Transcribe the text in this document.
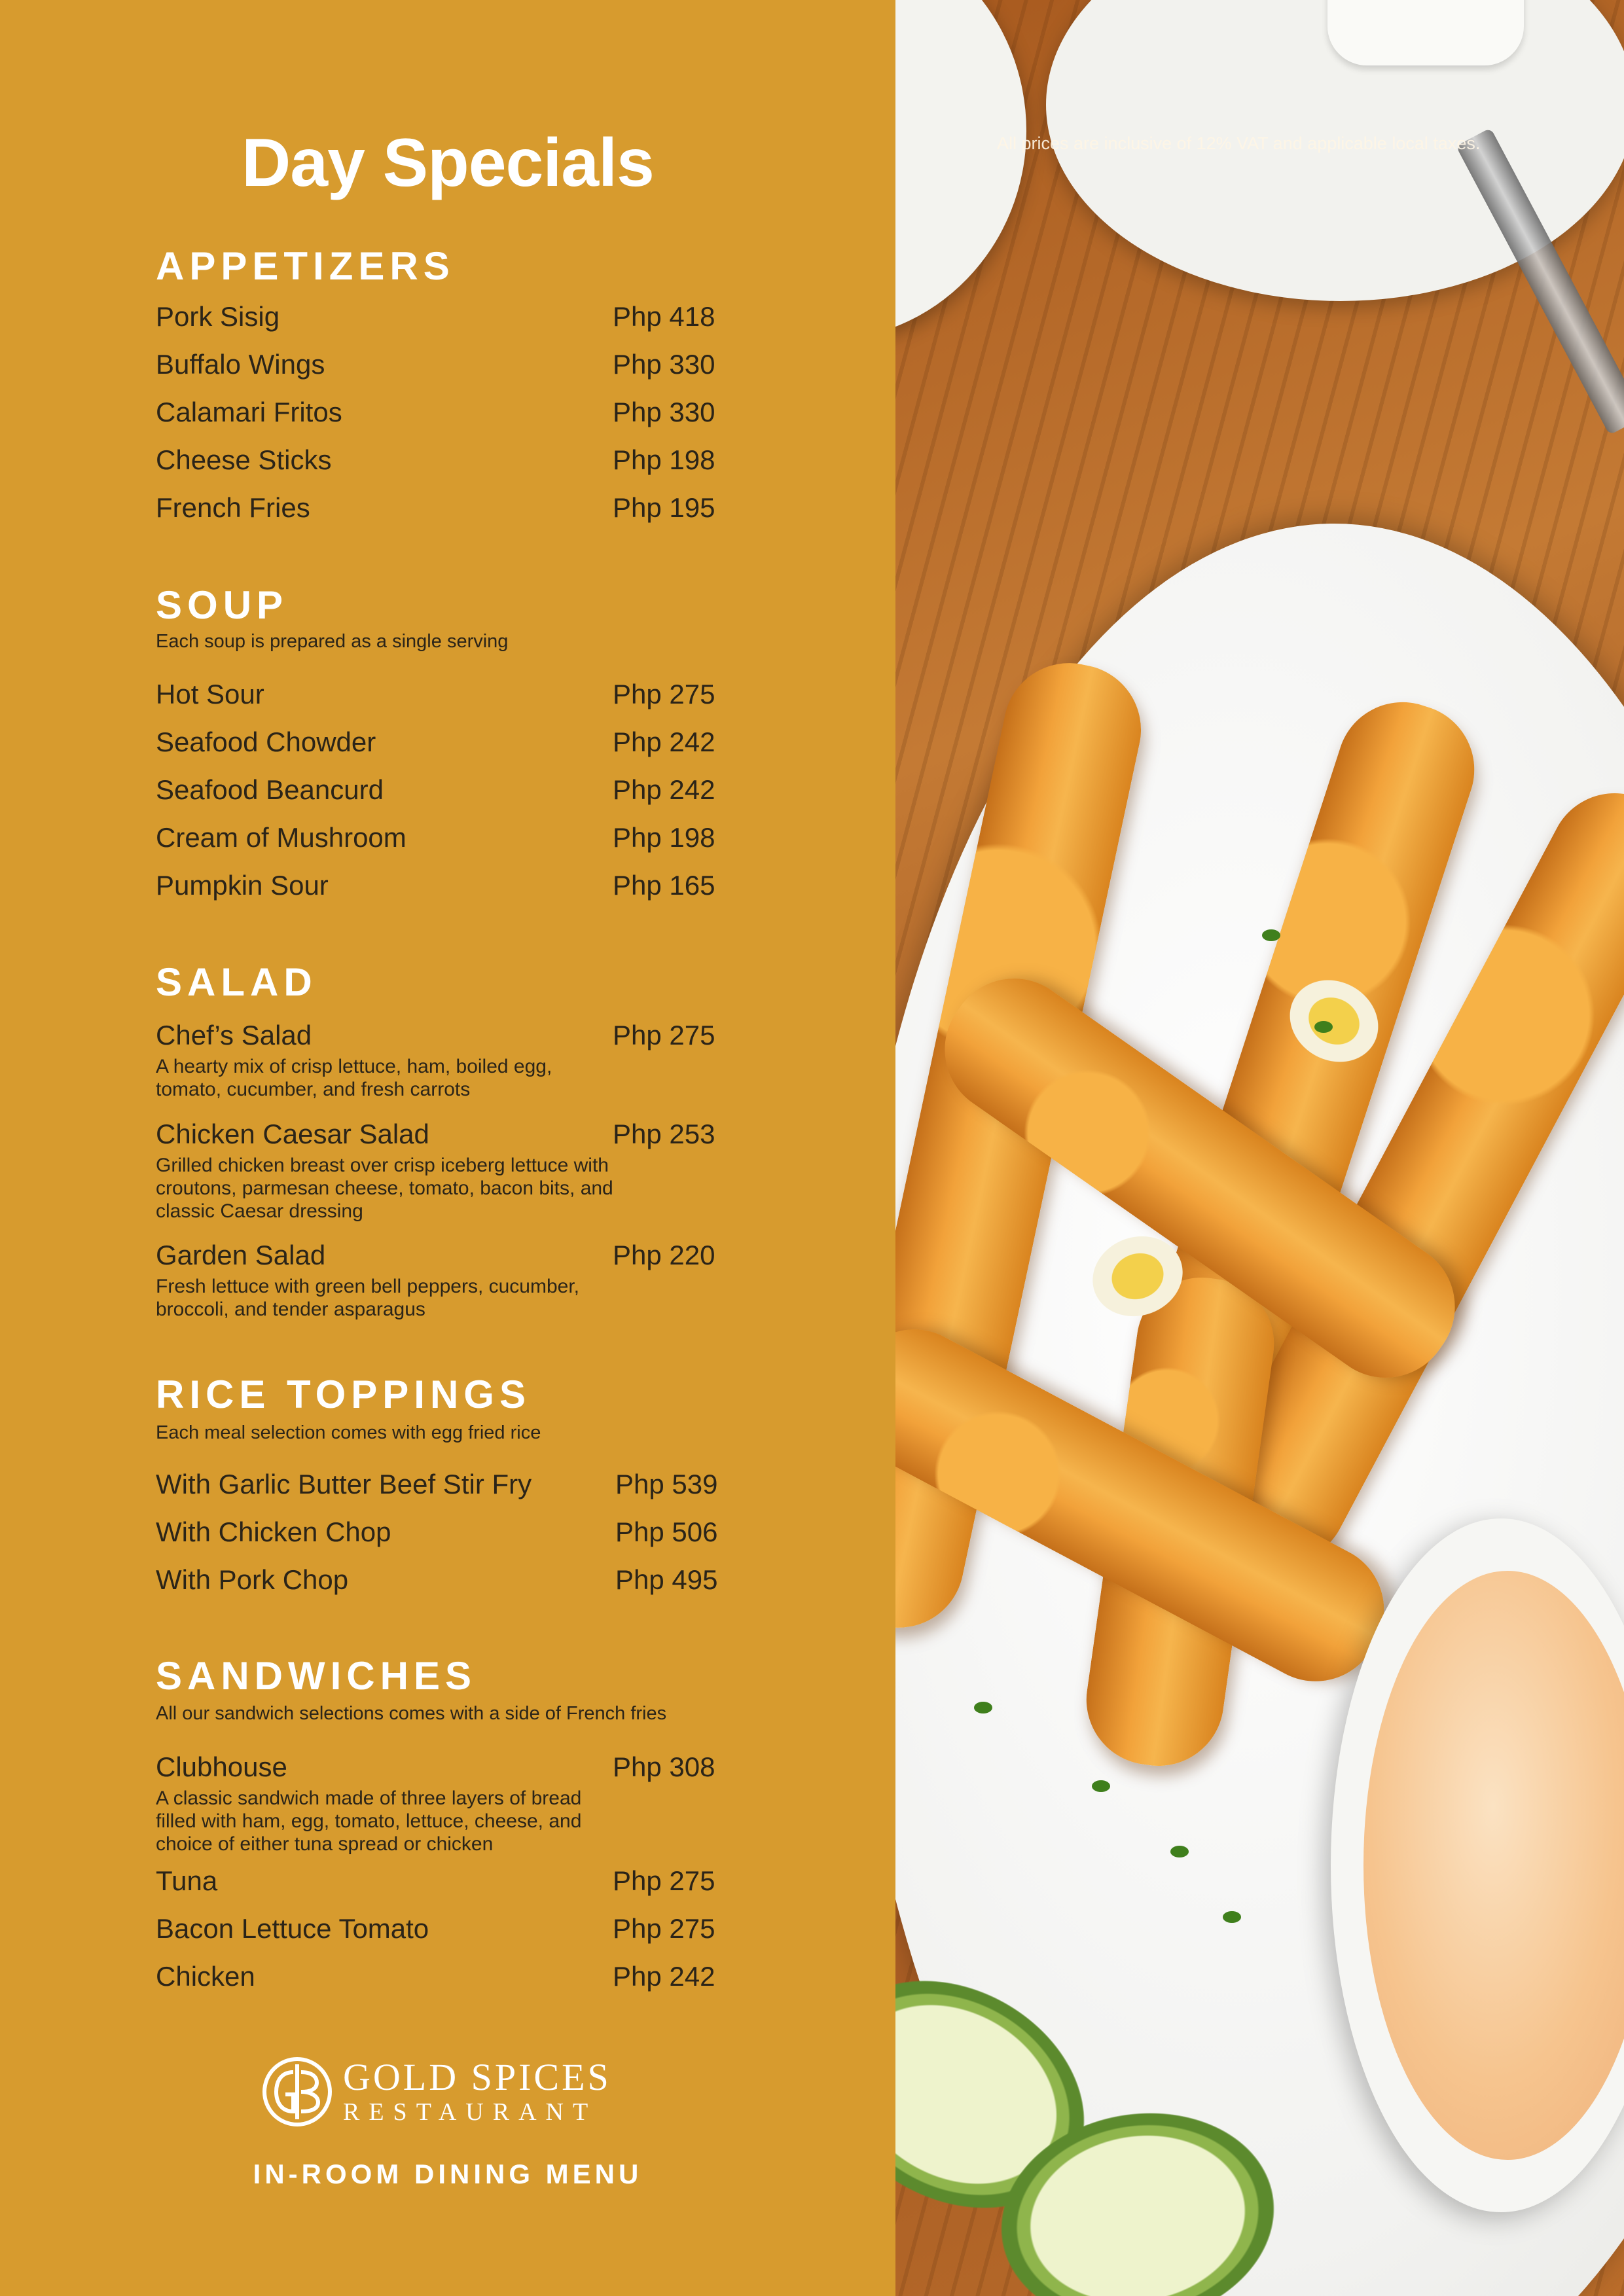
Day Specials
APPETIZERS
Pork Sisig	Php 418
Buffalo Wings	Php 330
Calamari Fritos	Php 330
Cheese Sticks	Php 198
French Fries	Php 195
SOUP
Each soup is prepared as a single serving
Hot Sour	Php 275
Seafood Chowder	Php 242
Seafood Beancurd	Php 242
Cream of Mushroom	Php 198
Pumpkin Sour	Php 165
SALAD
Chef’s Salad	Php 275
A hearty mix of crisp lettuce, ham, boiled egg, tomato, cucumber, and fresh carrots
Chicken Caesar Salad	Php 253
Grilled chicken breast over crisp iceberg lettuce with croutons, parmesan cheese, tomato, bacon bits, and classic Caesar dressing
Garden Salad	Php 220
Fresh lettuce with green bell peppers, cucumber, broccoli, and tender asparagus
RICE TOPPINGS
Each meal selection comes with egg fried rice
With Garlic Butter Beef Stir Fry	Php 539
With Chicken Chop	Php 506
With Pork Chop	Php 495
SANDWICHES
All our sandwich selections comes with a side of French fries
Clubhouse	Php 308
A classic sandwich made of three layers of bread filled with ham, egg, tomato, lettuce, cheese, and choice of either tuna spread or chicken
Tuna	Php 275
Bacon Lettuce Tomato	Php 275
Chicken	Php 242
GOLD SPICES
RESTAURANT
IN-ROOM DINING MENU
All prices are inclusive of 12% VAT and applicable local taxes.
